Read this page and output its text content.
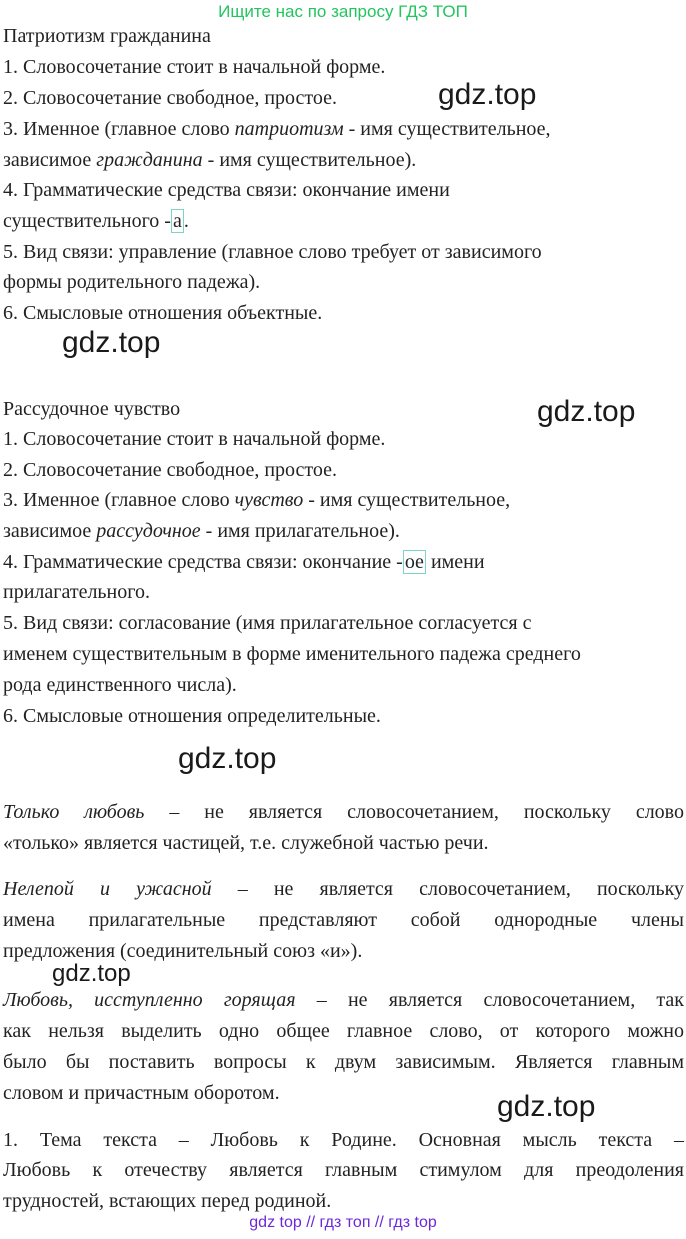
Ищите нас по запросу ГДЗ ТОП
Патриотизм гражданина
1. Словосочетание стоит в начальной форме.
2. Словосочетание свободное, простое.
3. Именное (главное слово патриотизм - имя существительное,
зависимое гражданина - имя существительное).
4. Грамматические средства связи: окончание имени
существительного - а .
5. Вид связи: управление (главное слово требует от зависимого
формы родительного падежа).
6. Смысловые отношения объектные.
Рассудочное чувство
1. Словосочетание стоит в начальной форме.
2. Словосочетание свободное, простое.
3. Именное (главное слово чувство - имя существительное,
зависимое рассудочное - имя прилагательное).
4. Грамматические средства связи: окончание - ое имени
прилагательного.
5. Вид связи: согласование (имя прилагательное согласуется с
именем существительным в форме именительного падежа среднего
рода единственного числа).
6. Смысловые отношения определительные.
Только любовь – не является словосочетанием, поскольку слово
«только» является частицей, т.е. служебной частью речи.
Нелепой и ужасной – не является словосочетанием, поскольку
имена прилагательные представляют собой однородные члены
предложения (соединительный союз «и»).
Любовь, исступленно горящая – не является словосочетанием, так
как нельзя выделить одно общее главное слово, от которого можно
было бы поставить вопросы к двум зависимым. Является главным
словом и причастным оборотом.
1. Тема текста – Любовь к Родине. Основная мысль текста –
Любовь к отечеству является главным стимулом для преодоления
трудностей, встающих перед родиной.
gdz.top
gdz.top
gdz.top
gdz.top
gdz.top
gdz.top
gdz top // гдз топ // гдз top
